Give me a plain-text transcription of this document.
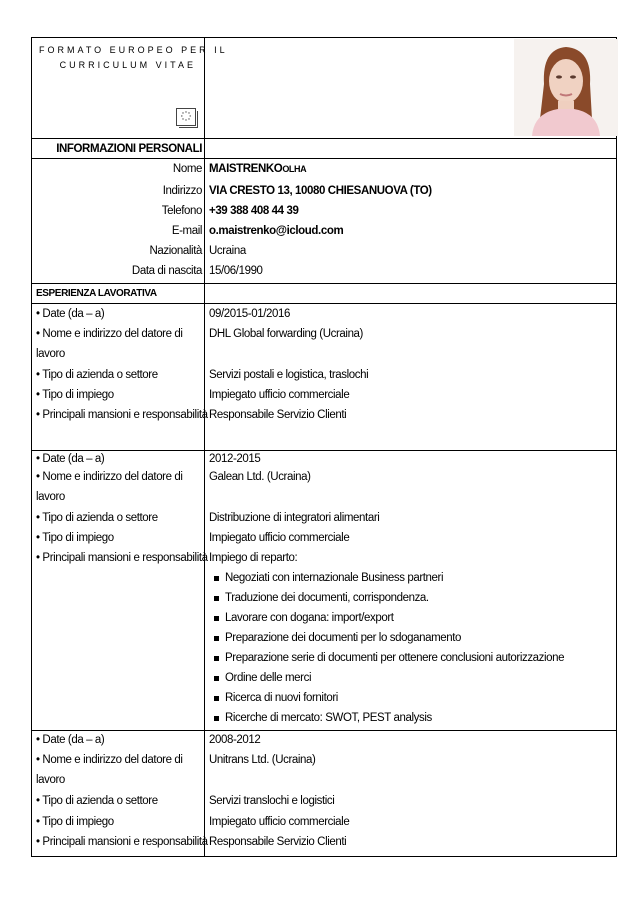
FORMATO EUROPEO PER IL
CURRICULUM VITAE
INFORMAZIONI PERSONALI
Nome
Indirizzo
Telefono
E-mail
Nazionalità
Data di nascita
MAISTRENKOOLHA
VIA CRESTO 13, 10080 CHIESANUOVA (TO)
+39 388 408 44 39
o.maistrenko@icloud.com
Ucraina
15/06/1990
ESPERIENZA LAVORATIVA
• Date (da – a)
• Nome e indirizzo del datore di
lavoro
• Tipo di azienda o settore
• Tipo di impiego
• Principali mansioni e responsabilità
09/2015-01/2016
DHL Global forwarding (Ucraina)
Servizi postali e logistica, traslochi
Impiegato ufficio commerciale
Responsabile Servizio Clienti
• Date (da – a)
• Nome e indirizzo del datore di
lavoro
• Tipo di azienda o settore
• Tipo di impiego
• Principali mansioni e responsabilità
2012-2015
Galean Ltd. (Ucraina)
Distribuzione di integratori alimentari
Impiegato ufficio commerciale
Impiego di reparto:
Negoziati con internazionale Business partneri
Traduzione dei documenti, corrispondenza.
Lavorare con dogana: import/export
Preparazione dei documenti per lo sdoganamento
Preparazione serie di documenti per ottenere conclusioni autorizzazione
Ordine delle merci
Ricerca di nuovi fornitori
Ricerche di mercato: SWOT, PEST analysis
• Date (da – a)
• Nome e indirizzo del datore di
lavoro
• Tipo di azienda o settore
• Tipo di impiego
• Principali mansioni e responsabilità
2008-2012
Unitrans Ltd. (Ucraina)
Servizi translochi e logistici
Impiegato ufficio commerciale
Responsabile Servizio Clienti
